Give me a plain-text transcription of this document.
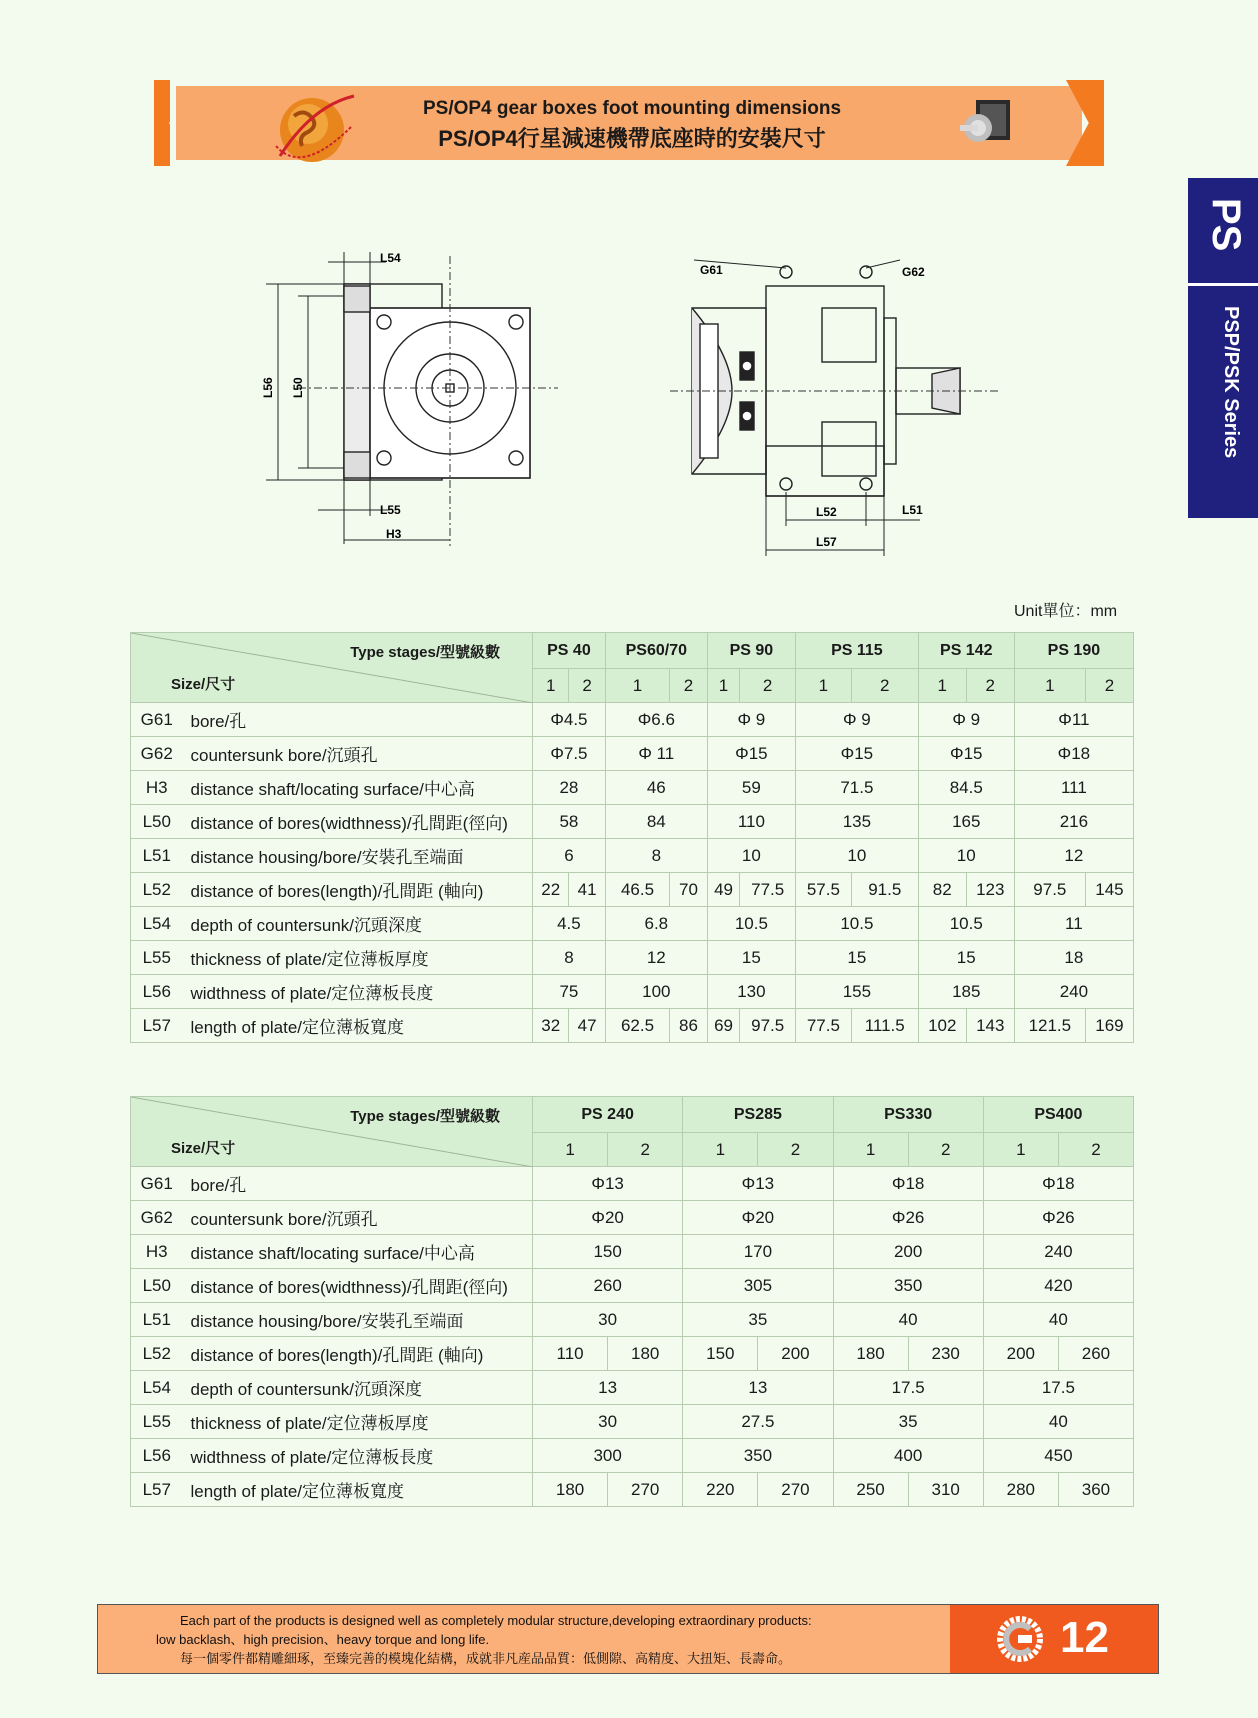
PS/OP4 gear boxes foot mounting dimensions
PS/OP4行星減速機帶底座時的安裝尺寸
PS
PSP/PSK Series
L54
L56 L50
L55
H3
G61	G62
L52	L51
L57
Unit單位：mm
Type stages/型號級數
Size/尺寸		PS 40		PS60/70		PS 90		PS 115		PS 142		PS 190	
		1	2	1	2	1	2	1	2	1	2	1	2
G61	bore/孔	Φ4.5		Φ6.6		Φ 9		Φ 9		Φ 9		Φ11	
G62	countersunk bore/沉頭孔	Φ7.5		Φ 11		Φ15		Φ15		Φ15		Φ18	
H3	distance shaft/locating surface/中心高	28		46		59		71.5		84.5		111	
L50	distance of bores(widthness)/孔間距(徑向)	58		84		110		135		165		216	
L51	distance housing/bore/安裝孔至端面	6		8		10		10		10		12	
L52	distance of bores(length)/孔間距 (軸向)	22	41	46.5	70	49	77.5	57.5	91.5	82	123	97.5	145
L54	depth of countersunk/沉頭深度	4.5		6.8		10.5		10.5		10.5		11	
L55	thickness of plate/定位薄板厚度	8		12		15		15		15		18	
L56	widthness of plate/定位薄板長度	75		100		130		155		185		240	
L57	length of plate/定位薄板寬度	32	47	62.5	86	69	97.5	77.5	111.5	102	143	121.5	169
Type stages/型號級數
Size/尺寸		PS 240		PS285		PS330		PS400	
		1	2	1	2	1	2	1	2
G61	bore/孔	Φ13		Φ13		Φ18		Φ18	
G62	countersunk bore/沉頭孔	Φ20		Φ20		Φ26		Φ26	
H3	distance shaft/locating surface/中心高	150		170		200		240	
L50	distance of bores(widthness)/孔間距(徑向)	260		305		350		420	
L51	distance housing/bore/安裝孔至端面	30		35		40		40	
L52	distance of bores(length)/孔間距 (軸向)	110	180	150	200	180	230	200	260
L54	depth of countersunk/沉頭深度	13		13		17.5		17.5	
L55	thickness of plate/定位薄板厚度	30		27.5		35		40	
L56	widthness of plate/定位薄板長度	300		350		400		450	
L57	length of plate/定位薄板寬度	180	270	220	270	250	310	280	360

Each part of the products is designed well as completely modular structure,developing extraordinary products:

low backlash、high precision、heavy torque and long life.

每一個零件都精雕細琢，至臻完善的模塊化結構，成就非凡産品品質：低側隙、高精度、大扭矩、長壽命。	12
